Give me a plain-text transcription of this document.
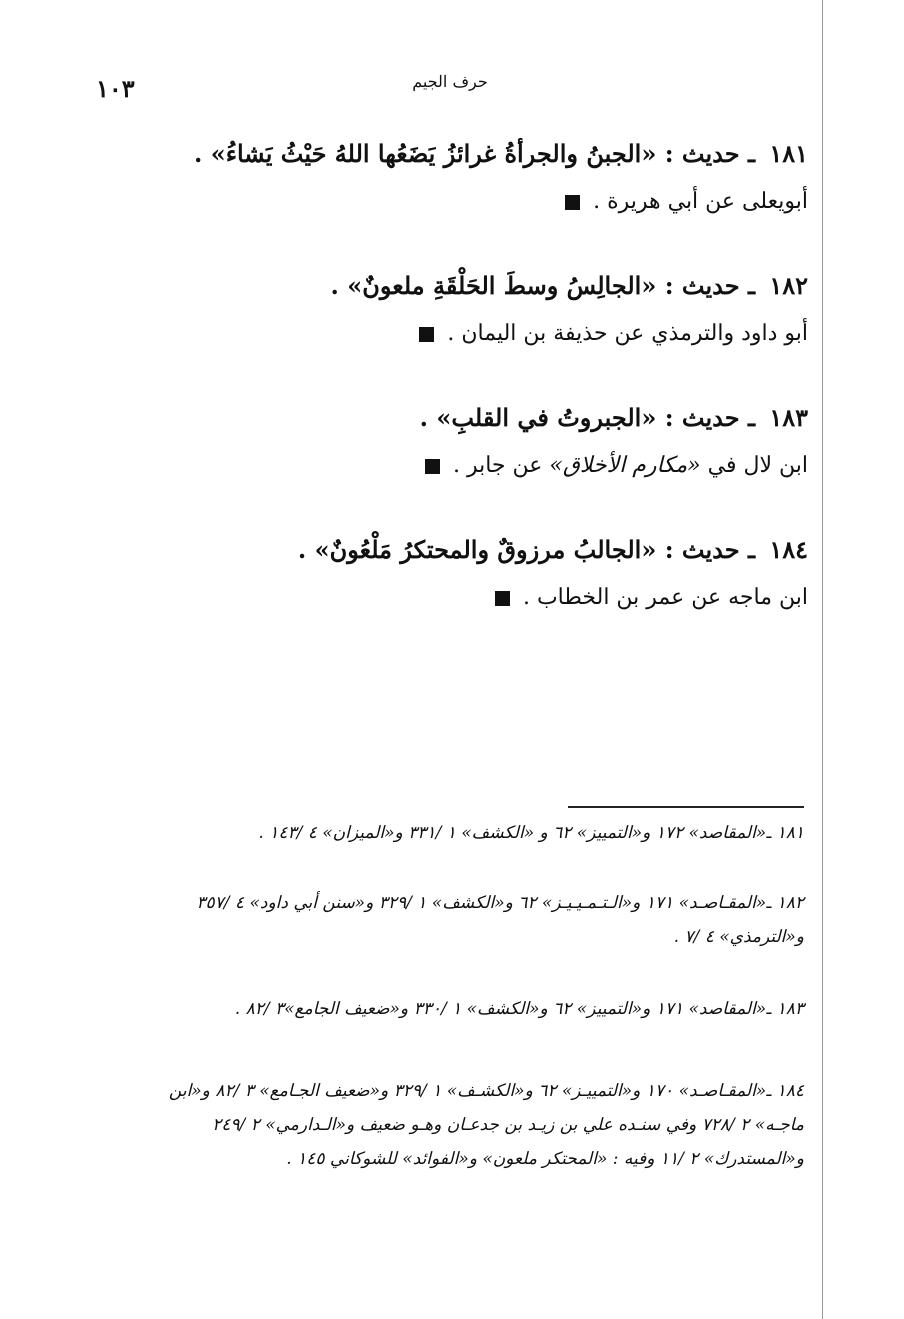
١٠٣	حرف الجيم
١٨١ ـ حديث : «الجبنُ والجرأةُ غرائزُ يَضَعُها اللهُ حَيْثُ يَشاءُ» .
أبويعلى عن أبي هريرة .
١٨٢ ـ حديث : «الجالِسُ وسطَ الحَلْقَةِ ملعونٌ» .
أبو داود والترمذي عن حذيفة بن اليمان .
١٨٣ ـ حديث : «الجبروتُ في القلبِ» .
ابن لال في «مكارم الأخلاق» عن جابر .
١٨٤ ـ حديث : «الجالبُ مرزوقٌ والمحتكرُ مَلْعُونٌ» .
ابن ماجه عن عمر بن الخطاب .
١٨١ ـ«المقاصد» ١٧٢ و«التمييز» ٦٢ و «الكشف» ١ /٣٣١ و«الميزان» ٤ /١٤٣ .
١٨٢ ـ«المقـاصـد» ١٧١ و«الـتـمـيـيـز» ٦٢ و«الكشف» ١ /٣٢٩ و«سنن أبي داود» ٤ /٣٥٧
و«الترمذي» ٤ /٧ .
١٨٣ ـ«المقاصد» ١٧١ و«التمييز» ٦٢ و«الكشف» ١ /٣٣٠ و«ضعيف الجامع»٣ /٨٢ .
١٨٤ ـ«المقـاصـد» ١٧٠ و«التمييـز» ٦٢ و«الكشـف» ١ /٣٢٩ و«ضعيف الجـامع» ٣ /٨٢ و«ابن
ماجـه» ٢ /٧٢٨ وفي سنـده علي بن زيـد بن جدعـان وهـو ضعيف و«الـدارمي» ٢ /٢٤٩
و«المستدرك» ٢ /١١ وفيه : «المحتكر ملعون» و«الفوائد» للشوكاني ١٤٥ .
